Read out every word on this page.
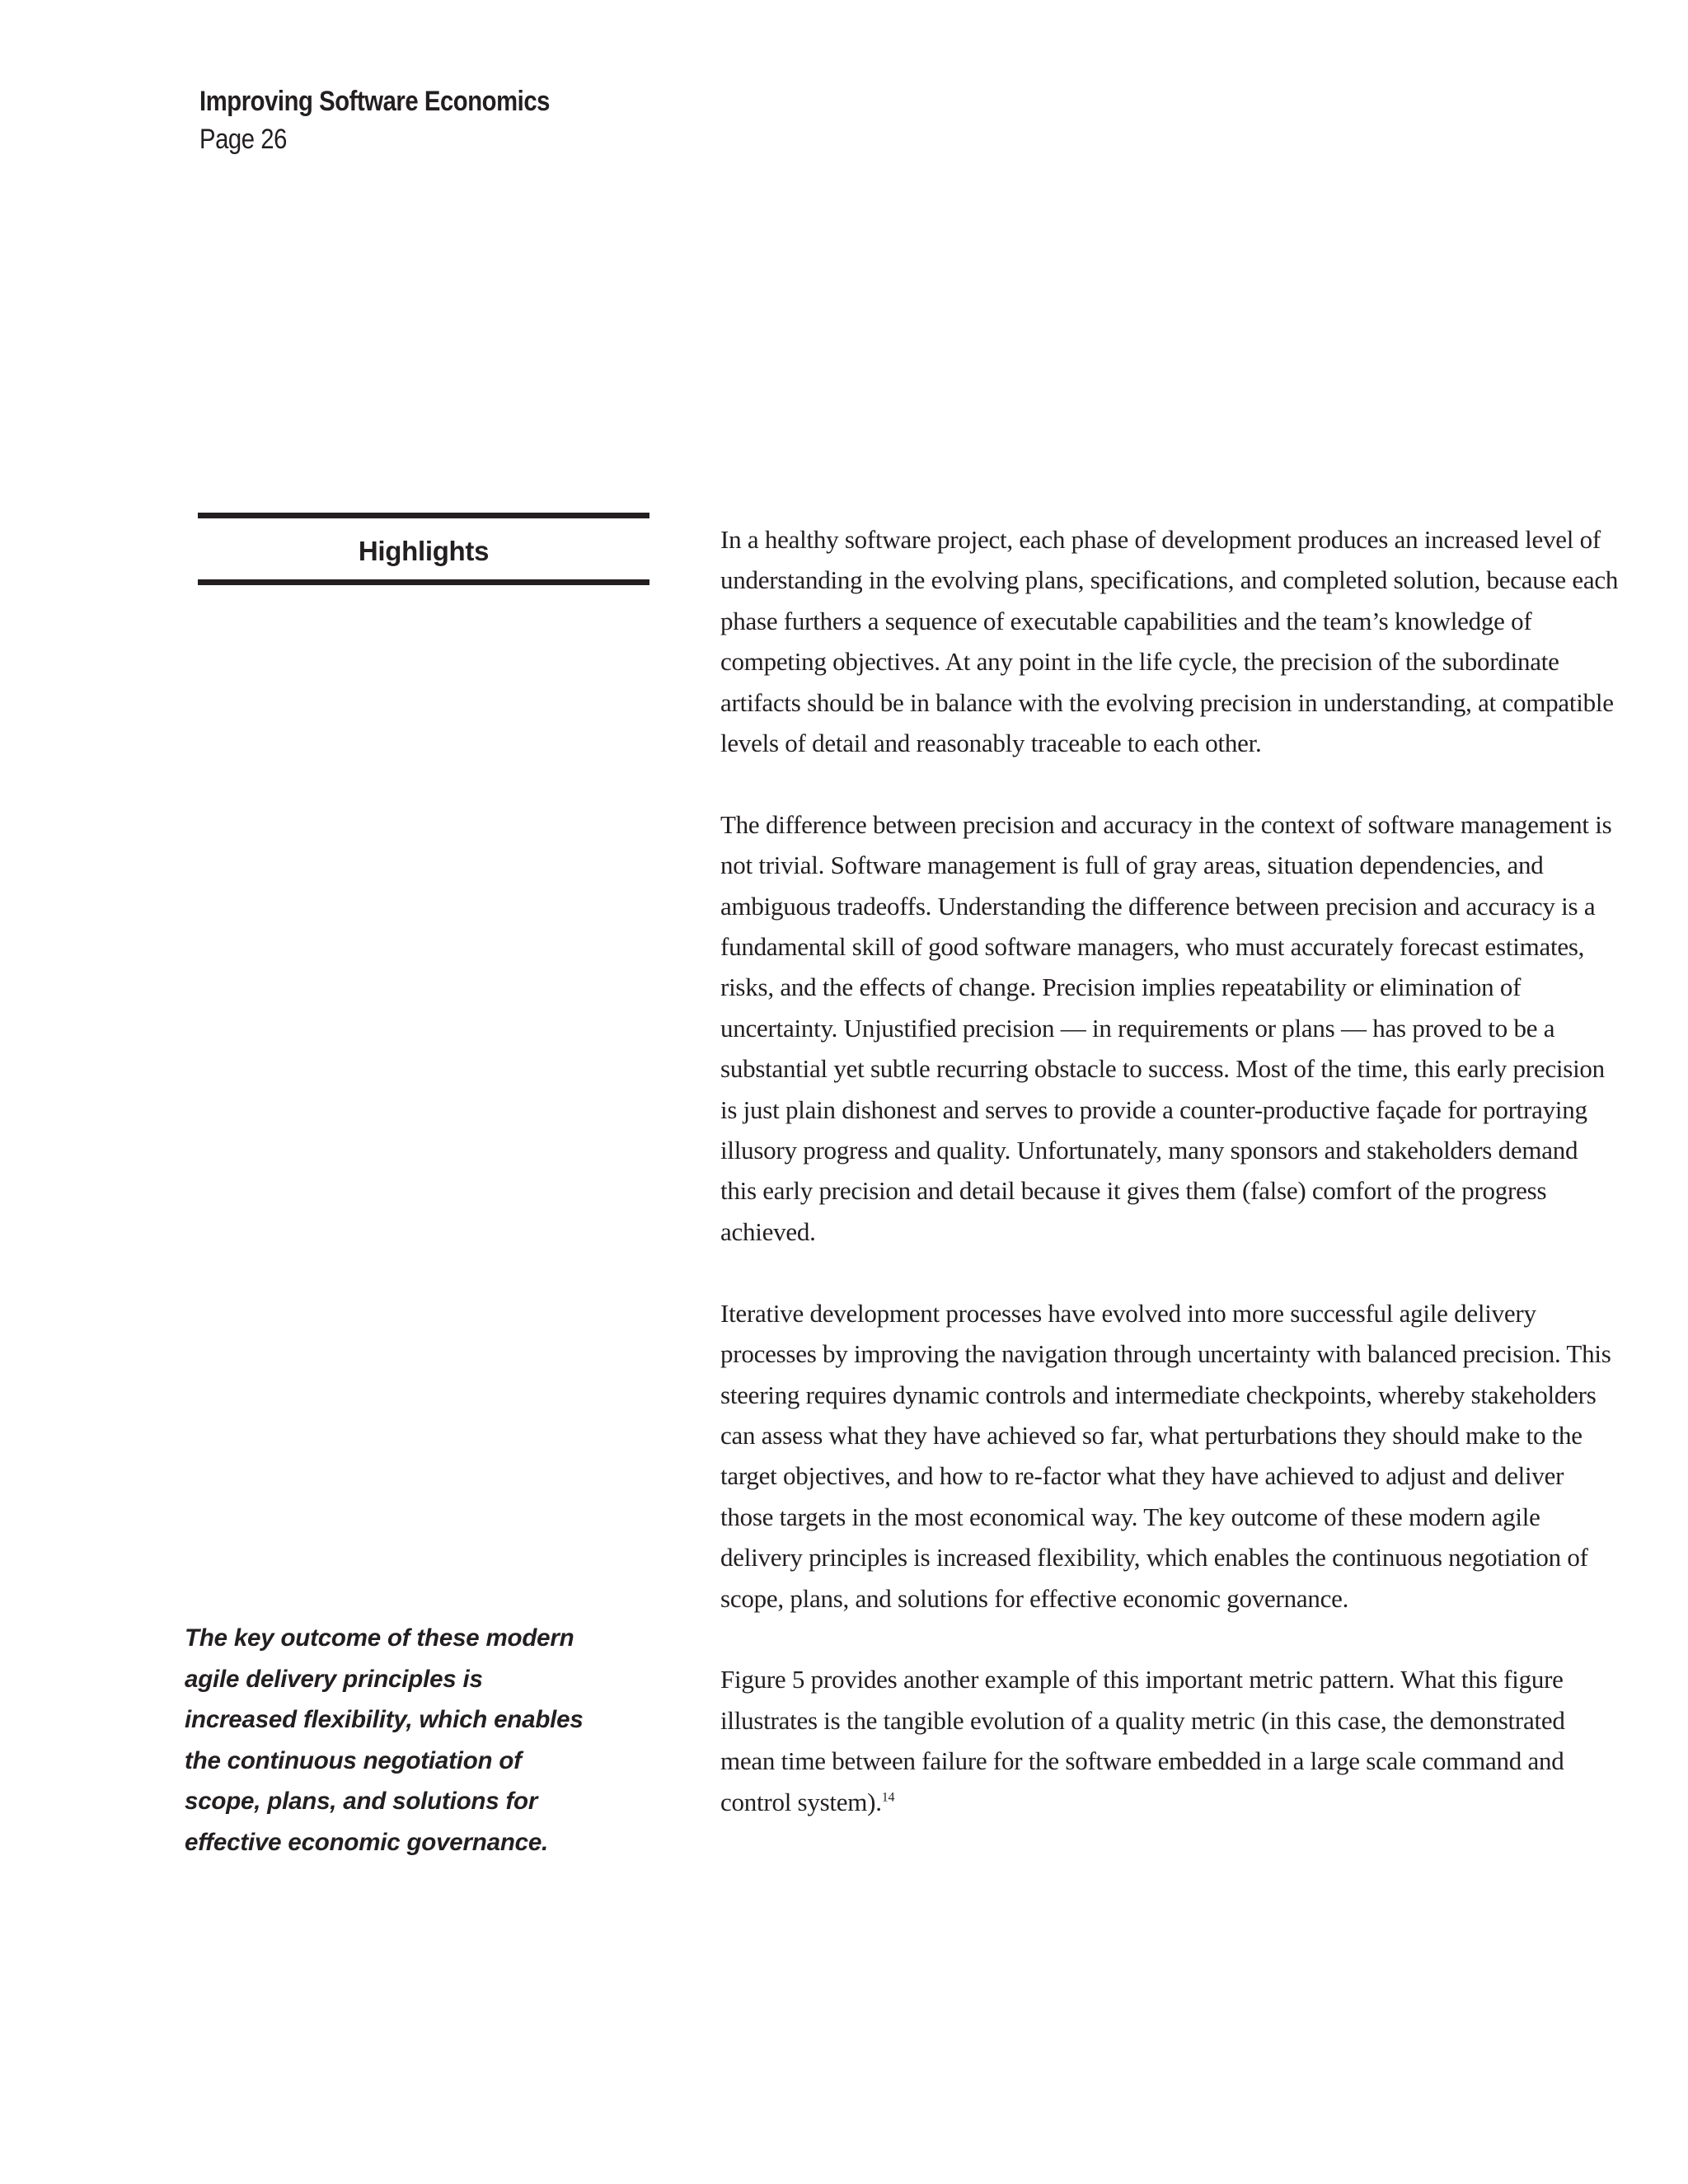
Improving Software Economics
Page 26
Highlights
The key outcome of these modern agile delivery principles is increased flexibility, which enables the continuous negotiation of scope, plans, and solutions for effective economic governance.

In a healthy software project, each phase of development produces an increased level of understanding in the evolving plans, specifications, and completed solution, because each phase furthers a sequence of executable capabilities and the team’s knowledge of competing objectives. At any point in the life cycle, the precision of the subordinate artifacts should be in balance with the evolving precision in understanding, at compatible levels of detail and reasonably traceable to each other.

The difference between precision and accuracy in the context of software management is not trivial. Software management is full of gray areas, situation dependencies, and ambiguous tradeoffs. Understanding the difference between precision and accuracy is a fundamental skill of good software managers, who must accurately forecast estimates, risks, and the effects of change. Precision implies repeatability or elimination of uncertainty. Unjustified precision — in requirements or plans — has proved to be a substantial yet subtle recurring obstacle to success. Most of the time, this early precision is just plain dishonest and serves to provide a counter-productive façade for portraying illusory progress and quality. Unfortunately, many sponsors and stakeholders demand this early precision and detail because it gives them (false) comfort of the progress achieved.

Iterative development processes have evolved into more successful agile delivery processes by improving the navigation through uncertainty with balanced precision. This steering requires dynamic controls and intermediate checkpoints, whereby stakeholders can assess what they have achieved so far, what perturbations they should make to the target objectives, and how to re-factor what they have achieved to adjust and deliver those targets in the most economical way. The key outcome of these modern agile delivery principles is increased flexibility, which enables the continuous negotiation of scope, plans, and solutions for effective economic governance.

Figure 5 provides another example of this important metric pattern. What this figure illustrates is the tangible evolution of a quality metric (in this case, the demonstrated mean time between failure for the software embedded in a large scale command and control system).$^{14}$
